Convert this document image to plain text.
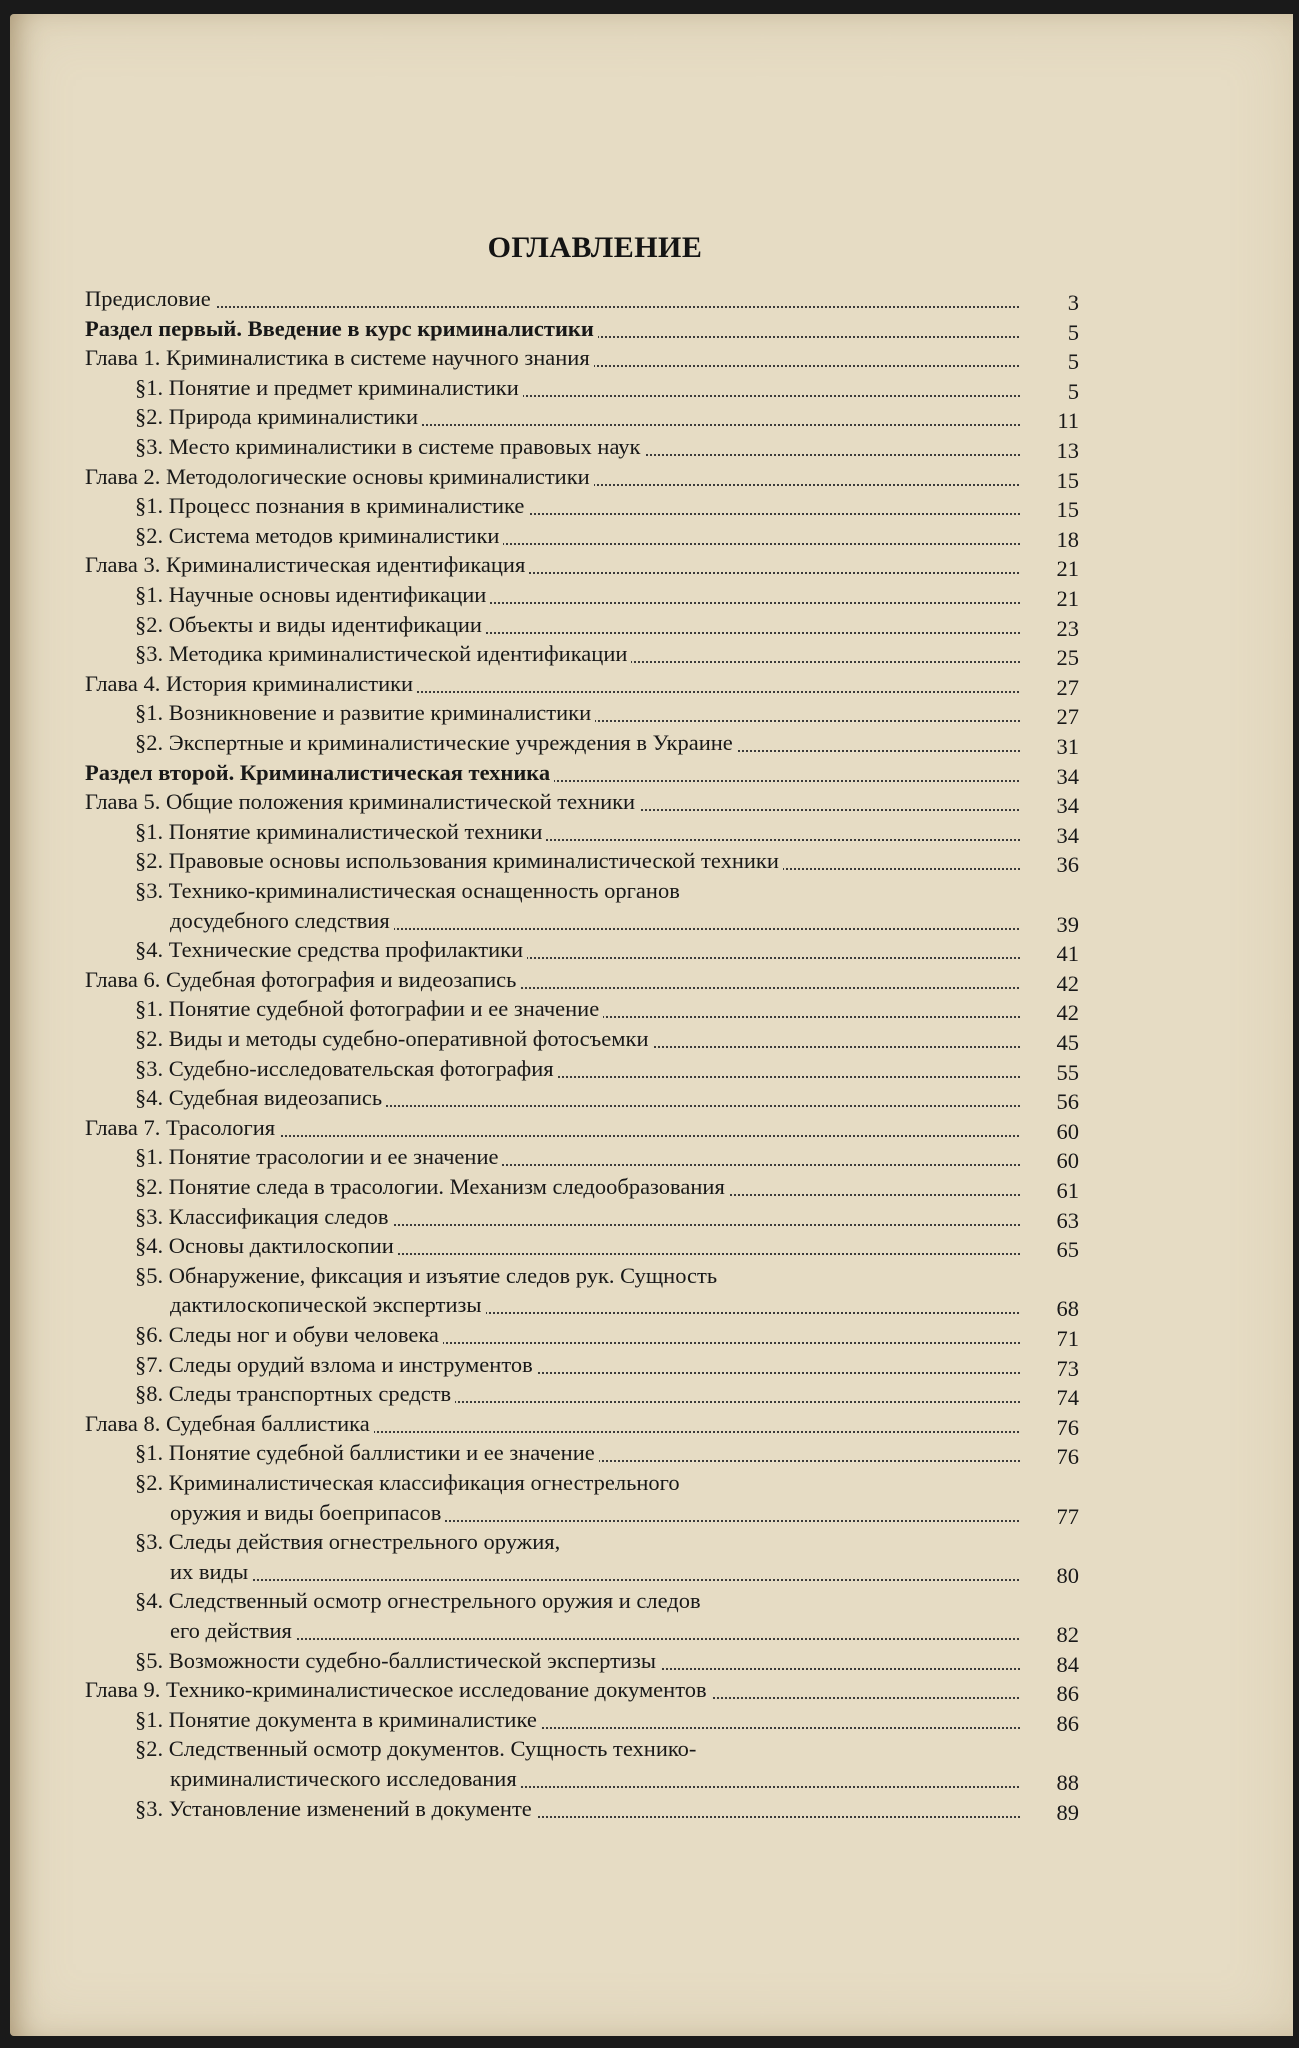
ОГЛАВЛЕНИЕ
Предисловие	3
Раздел первый. Введение в курс криминалистики	5
Глава 1. Криминалистика в системе научного знания	5
§1. Понятие и предмет криминалистики	5
§2. Природа криминалистики	11
§3. Место криминалистики в системе правовых наук	13
Глава 2. Методологические основы криминалистики	15
§1. Процесс познания в криминалистике	15
§2. Система методов криминалистики	18
Глава 3. Криминалистическая идентификация	21
§1. Научные основы идентификации	21
§2. Объекты и виды идентификации	23
§3. Методика криминалистической идентификации	25
Глава 4. История криминалистики	27
§1. Возникновение и развитие криминалистики	27
§2. Экспертные и криминалистические учреждения в Украине	31
Раздел второй. Криминалистическая техника	34
Глава 5. Общие положения криминалистической техники	34
§1. Понятие криминалистической техники	34
§2. Правовые основы использования криминалистической техники	36
§3. Технико-криминалистическая оснащенность органов
досудебного следствия	39
§4. Технические средства профилактики	41
Глава 6. Судебная фотография и видеозапись	42
§1. Понятие судебной фотографии и ее значение	42
§2. Виды и методы судебно-оперативной фотосъемки	45
§3. Судебно-исследовательская фотография	55
§4. Судебная видеозапись	56
Глава 7. Трасология	60
§1. Понятие трасологии и ее значение	60
§2. Понятие следа в трасологии. Механизм следообразования	61
§3. Классификация следов	63
§4. Основы дактилоскопии	65
§5. Обнаружение, фиксация и изъятие следов рук. Сущность
дактилоскопической экспертизы	68
§6. Следы ног и обуви человека	71
§7. Следы орудий взлома и инструментов	73
§8. Следы транспортных средств	74
Глава 8. Судебная баллистика	76
§1. Понятие судебной баллистики и ее значение	76
§2. Криминалистическая классификация огнестрельного
оружия и виды боеприпасов	77
§3. Следы действия огнестрельного оружия,
их виды	80
§4. Следственный осмотр огнестрельного оружия и следов
его действия	82
§5. Возможности судебно-баллистической экспертизы	84
Глава 9. Технико-криминалистическое исследование документов	86
§1. Понятие документа в криминалистике	86
§2. Следственный осмотр документов. Сущность технико-
криминалистического исследования	88
§3. Установление изменений в документе	89
